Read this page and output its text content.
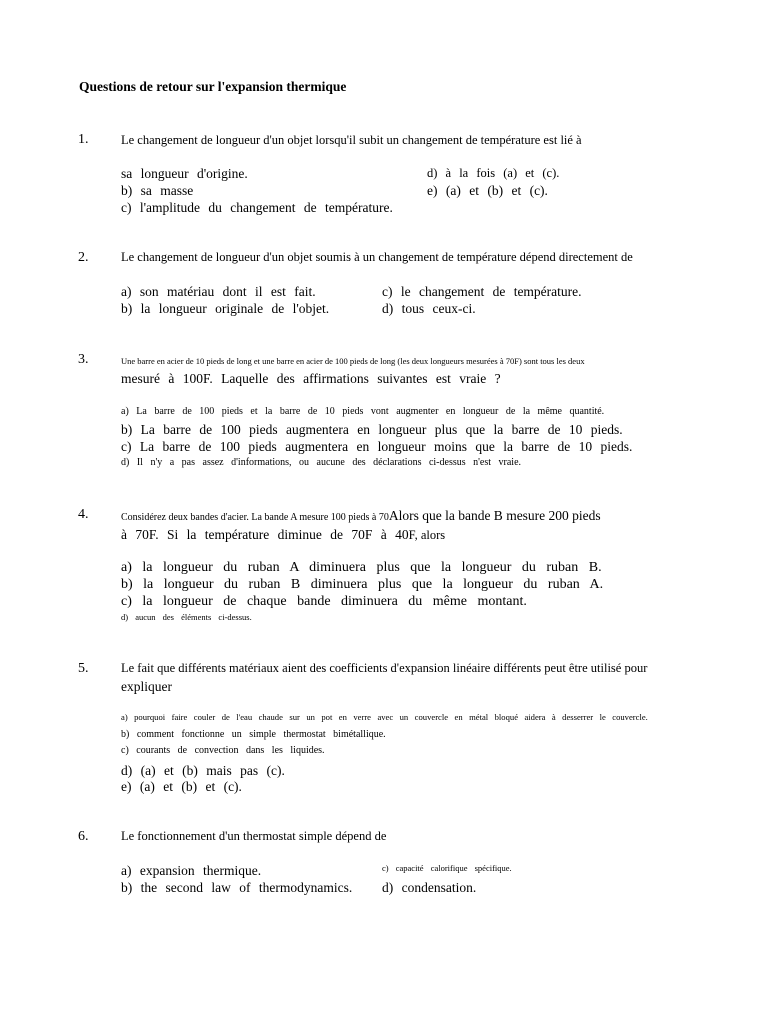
Questions de retour sur l'expansion thermique
1.	Le changement de longueur d'un objet lorsqu'il subit un changement de température est lié à
sa longueur d'origine.
b) sa masse
c) l'amplitude du changement de température.
d) à la fois (a) et (c).
e) (a) et (b) et (c).
2.	Le changement de longueur d'un objet soumis à un changement de température dépend directement de
a) son matériau dont il est fait.
b) la longueur originale de l'objet.
c) le changement de température.
d) tous ceux-ci.
3.	Une barre en acier de 10 pieds de long et une barre en acier de 100 pieds de long (les deux longueurs mesurées à 70F) sont tous les deux
mesuré à 100F. Laquelle des affirmations suivantes est vraie ?
a) La barre de 100 pieds et la barre de 10 pieds vont augmenter en longueur de la même quantité.
b) La barre de 100 pieds augmentera en longueur plus que la barre de 10 pieds.
c) La barre de 100 pieds augmentera en longueur moins que la barre de 10 pieds.
d) Il n'y a pas assez d'informations, ou aucune des déclarations ci-dessus n'est vraie.
4.	Considérez deux bandes d'acier. La bande A mesure 100 pieds à 70Alors que la bande B mesure 200 pieds
à 70F. Si la température diminue de 70F à 40F, alors
a) la longueur du ruban A diminuera plus que la longueur du ruban B.
b) la longueur du ruban B diminuera plus que la longueur du ruban A.
c) la longueur de chaque bande diminuera du même montant.
d) aucun des éléments ci-dessus.
5.	Le fait que différents matériaux aient des coefficients d'expansion linéaire différents peut être utilisé pour
expliquer
a) pourquoi faire couler de l'eau chaude sur un pot en verre avec un couvercle en métal bloqué aidera à desserrer le couvercle.
b) comment fonctionne un simple thermostat bimétallique.
c) courants de convection dans les liquides.
d) (a) et (b) mais pas (c).
e) (a) et (b) et (c).
6.	Le fonctionnement d'un thermostat simple dépend de
a) expansion thermique.
b) the second law of thermodynamics.
c) capacité calorifique spécifique.
d) condensation.
